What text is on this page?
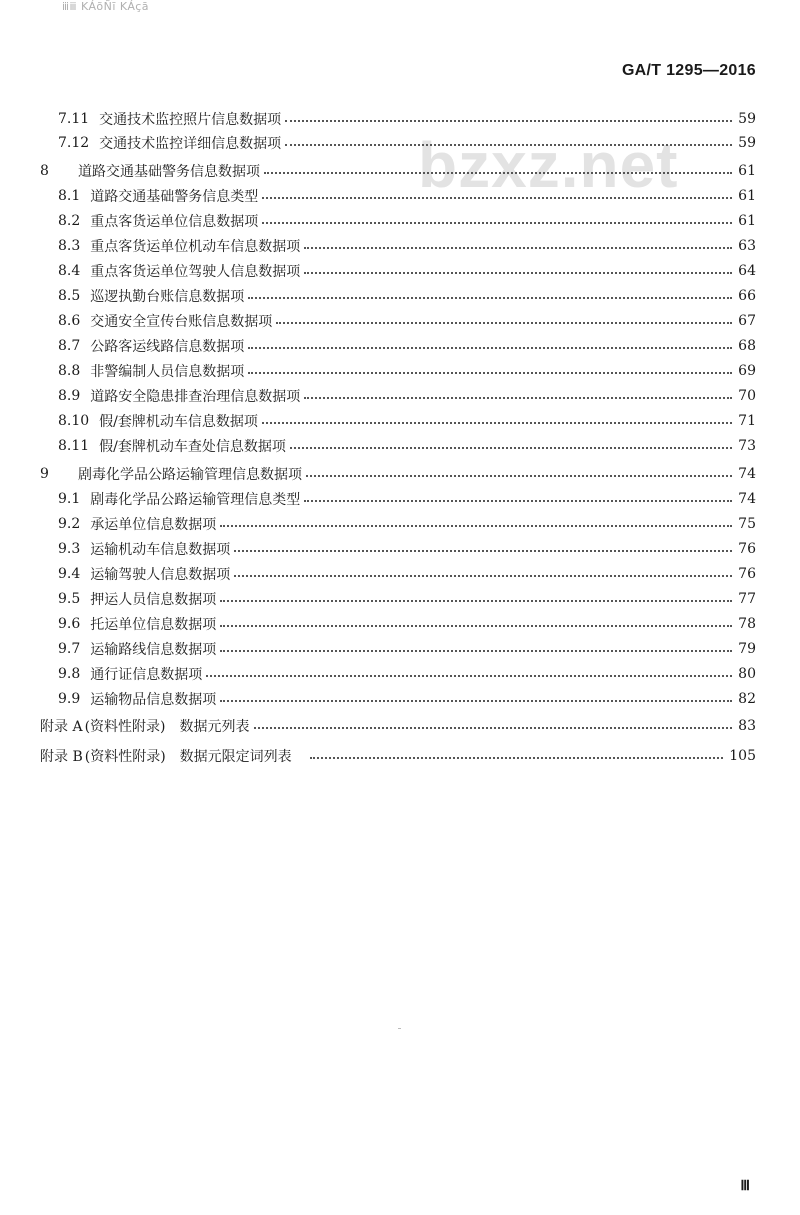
ⅲⅲ KÁõÑī KÁçā
GA/T 1295—2016
bzxz.net
7.11 交通技术监控照片信息数据项	59
7.12 交通技术监控详细信息数据项	59
8	道路交通基础警务信息数据项	61
8.1 道路交通基础警务信息类型	61
8.2 重点客货运单位信息数据项	61
8.3 重点客货运单位机动车信息数据项	63
8.4 重点客货运单位驾驶人信息数据项	64
8.5 巡逻执勤台账信息数据项	66
8.6 交通安全宣传台账信息数据项	67
8.7 公路客运线路信息数据项	68
8.8 非警编制人员信息数据项	69
8.9 道路安全隐患排查治理信息数据项	70
8.10 假/套牌机动车信息数据项	71
8.11 假/套牌机动车查处信息数据项	73
9	剧毒化学品公路运输管理信息数据项	74
9.1 剧毒化学品公路运输管理信息类型	74
9.2 承运单位信息数据项	75
9.3 运输机动车信息数据项	76
9.4 运输驾驶人信息数据项	76
9.5 押运人员信息数据项	77
9.6 托运单位信息数据项	78
9.7 运输路线信息数据项	79
9.8 通行证信息数据项	80
9.9 运输物品信息数据项	82
附录 A (资料性附录)　数据元列表	83
附录 B (资料性附录)　数据元限定词列表	105
Ⅲ
